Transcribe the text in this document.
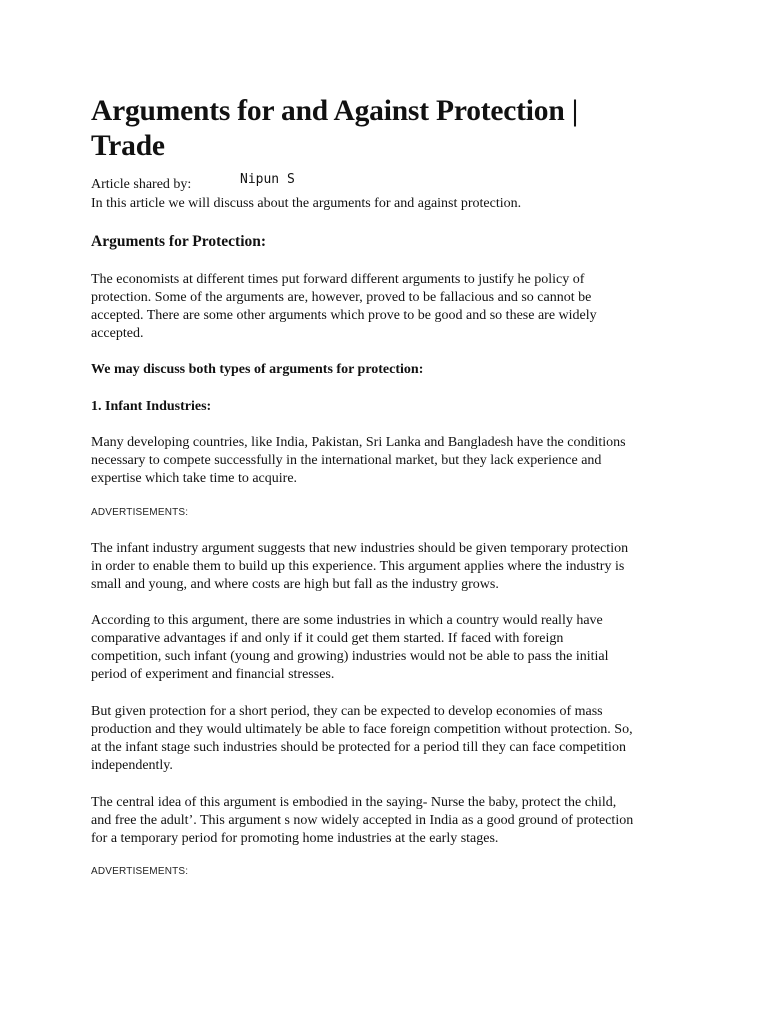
Arguments for and Against Protection |
Trade
Article shared by:	Nipun S
In this article we will discuss about the arguments for and against protection.
Arguments for Protection:

The economists at different times put forward different arguments to justify he policy of
protection. Some of the arguments are, however, proved to be fallacious and so cannot be
accepted. There are some other arguments which prove to be good and so these are widely
accepted.

We may discuss both types of arguments for protection:
1. Infant Industries:

Many developing countries, like India, Pakistan, Sri Lanka and Bangladesh have the conditions
necessary to compete successfully in the international market, but they lack experience and
expertise which take time to acquire.

ADVERTISEMENTS:

The infant industry argument suggests that new industries should be given temporary protection
in order to enable them to build up this experience. This argument applies where the industry is
small and young, and where costs are high but fall as the industry grows.

According to this argument, there are some industries in which a country would really have
comparative advantages if and only if it could get them started. If faced with foreign
competition, such infant (young and growing) industries would not be able to pass the initial
period of experiment and financial stresses.

But given protection for a short period, they can be expected to develop economies of mass
production and they would ultimately be able to face foreign competition without protection. So,
at the infant stage such industries should be protected for a period till they can face competition
independently.

The central idea of this argument is embodied in the saying- Nurse the baby, protect the child,
and free the adult’. This argument s now widely accepted in India as a good ground of protection
for a temporary period for promoting home industries at the early stages.

ADVERTISEMENTS:
